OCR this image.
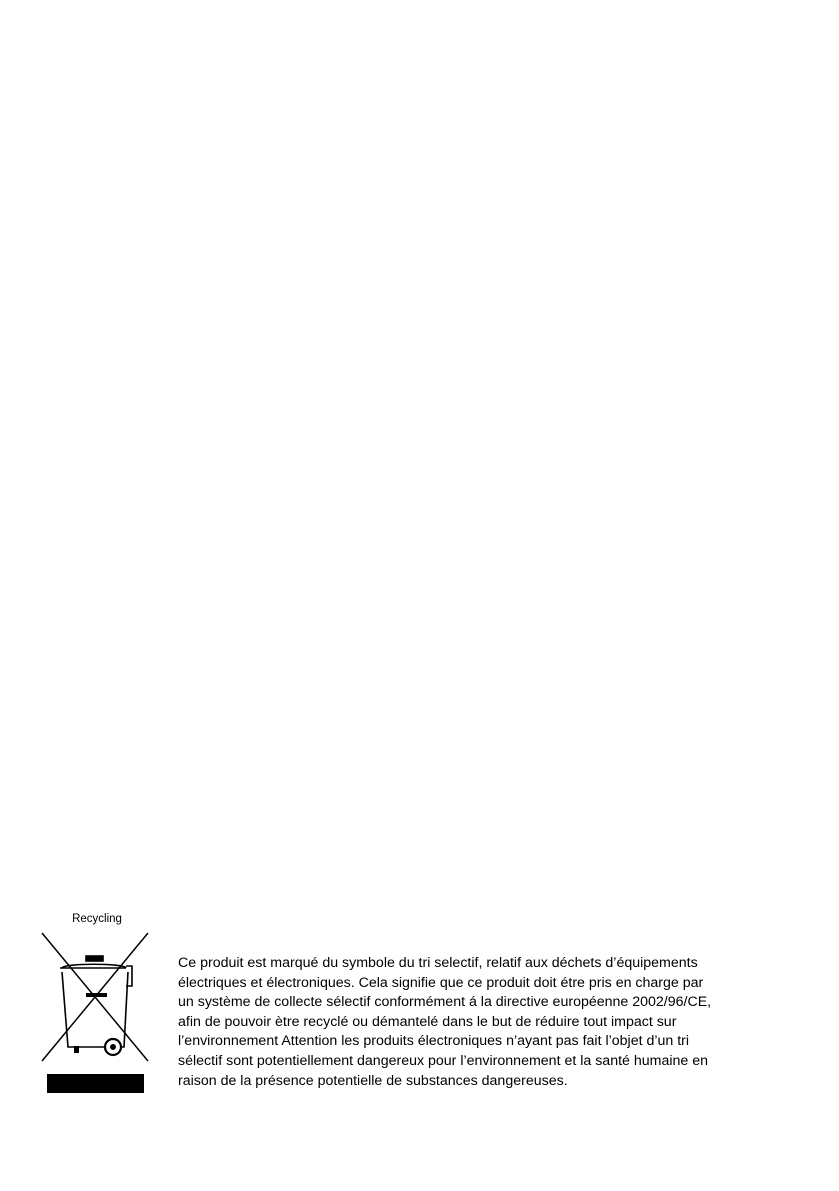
Recycling

Ce produit est marqué du symbole du tri selectif, relatif aux déchets d’équipements
électriques et électroniques. Cela signifie que ce produit doit étre pris en charge par
un système de collecte sélectif conformément á la directive européenne 2002/96/CE,
afin de pouvoir ètre recyclé ou démantelé dans le but de réduire tout impact sur
l’environnement Attention les produits électroniques n’ayant pas fait l’objet d’un tri
sélectif sont potentiellement dangereux pour l’environnement et la santé humaine en
raison de la présence potentielle de substances dangereuses.
